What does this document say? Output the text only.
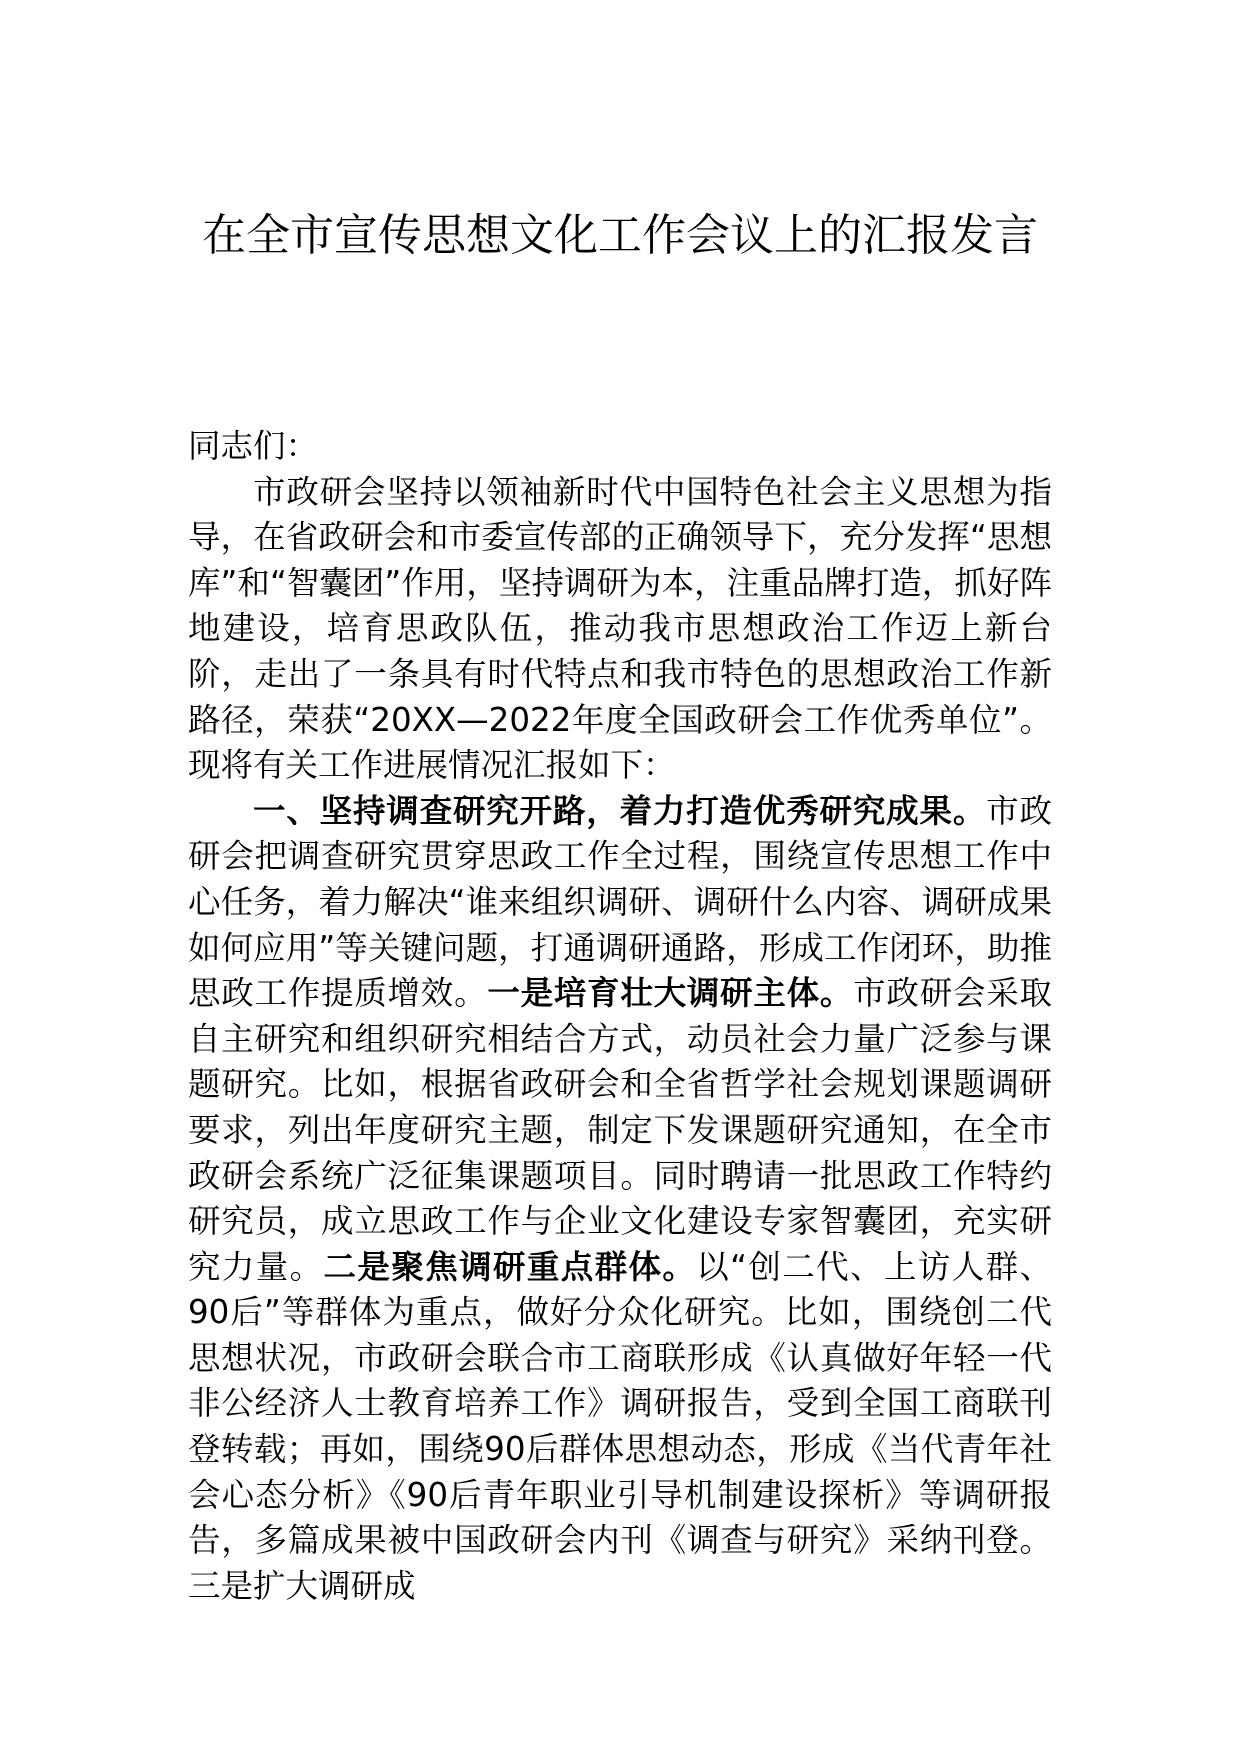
在全市宣传思想文化工作会议上的汇报发言

同志们：

市政研会坚持以领袖新时代中国特色社会主义思想为指导，在省政研会和市委宣传部的正确领导下，充分发挥“思想库”和“智囊团”作用，坚持调研为本，注重品牌打造，抓好阵地建设，培育思政队伍，推动我市思想政治工作迈上新台阶，走出了一条具有时代特点和我市特色的思想政治工作新路径，荣获“20XX—2022年度全国政研会工作优秀单位”。现将有关工作进展情况汇报如下：

一、坚持调查研究开路，着力打造优秀研究成果。市政研会把调查研究贯穿思政工作全过程，围绕宣传思想工作中心任务，着力解决“谁来组织调研、调研什么内容、调研成果如何应用”等关键问题，打通调研通路，形成工作闭环，助推思政工作提质增效。一是培育壮大调研主体。市政研会采取自主研究和组织研究相结合方式，动员社会力量广泛参与课题研究。比如，根据省政研会和全省哲学社会规划课题调研要求，列出年度研究主题，制定下发课题研究通知，在全市政研会系统广泛征集课题项目。同时聘请一批思政工作特约研究员，成立思政工作与企业文化建设专家智囊团，充实研究力量。二是聚焦调研重点群体。以“创二代、上访人群、90后”等群体为重点，做好分众化研究。比如，围绕创二代思想状况，市政研会联合市工商联形成《认真做好年轻一代非公经济人士教育培养工作》调研报告，受到全国工商联刊登转载；再如，围绕90后群体思想动态，形成《当代青年社会心态分析》《90后青年职业引导机制建设探析》等调研报告，多篇成果被中国政研会内刊《调查与研究》采纳刊登。三是扩大调研成
